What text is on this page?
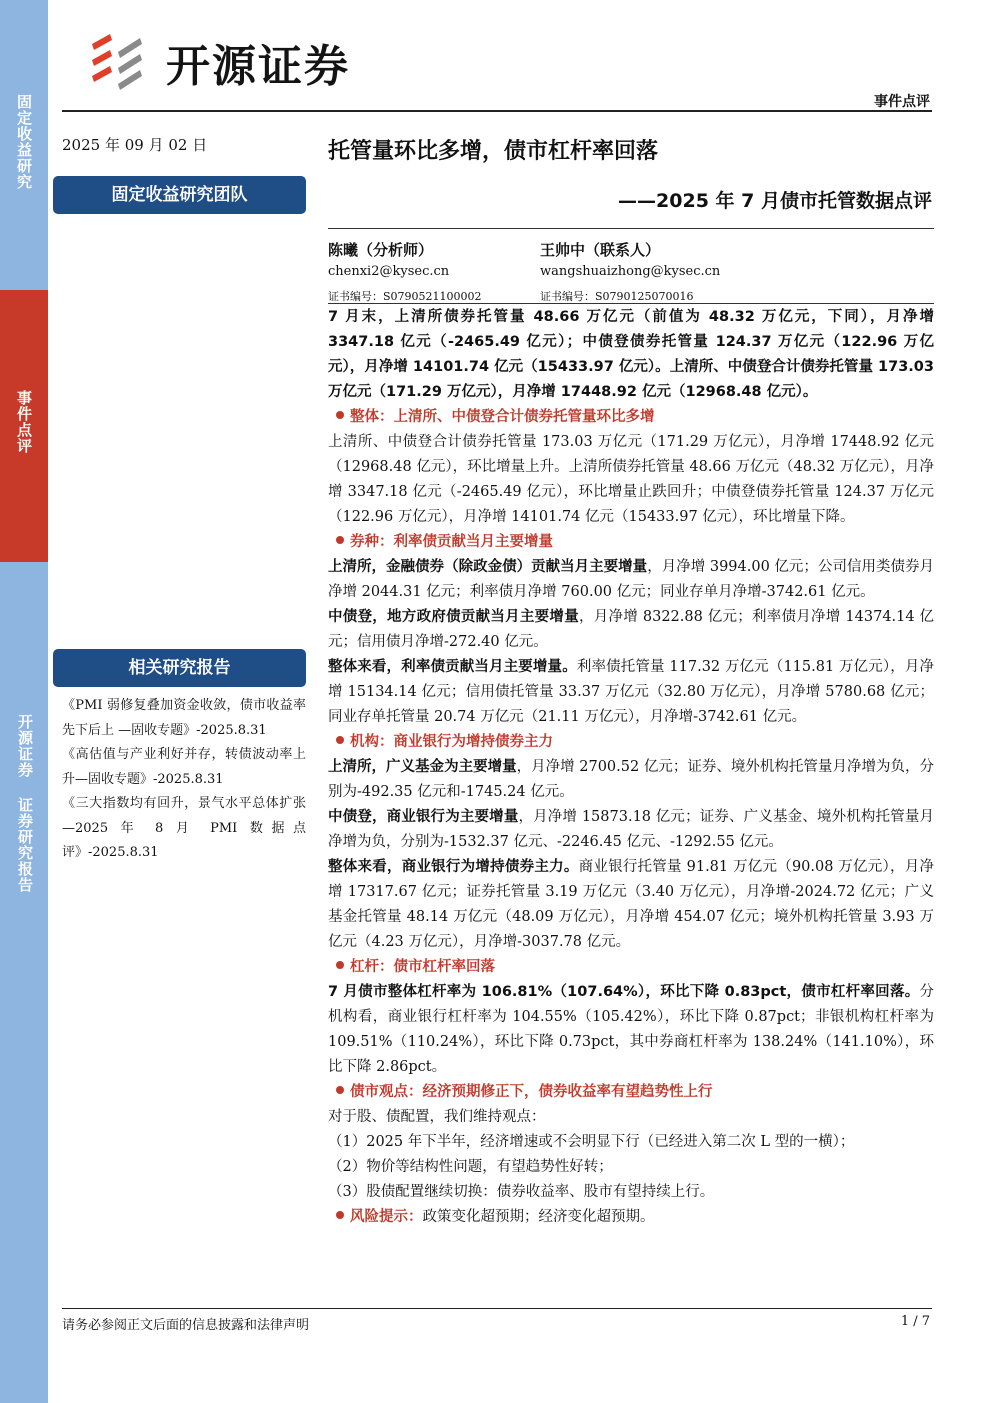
固定收益研究
事件点评
开源证券 证券研究报告
开源证券
事件点评
2025 年 09 月 02 日
固定收益研究团队
相关研究报告

《PMI 弱修复叠加资金收敛，债市收益率先下后上 —固收专题》-2025.8.31

《高估值与产业利好并存，转债波动率上升—固收专题》-2025.8.31

《三大指数均有回升，景气水平总体扩张—2025 年 8 月 PMI 数据点评》-2025.8.31

托管量环比多增，债市杠杆率回落
——2025 年 7 月债市托管数据点评
陈曦（分析师）
chenxi2@kysec.cn
证书编号：S0790521100002
王帅中（联系人）
wangshuaizhong@kysec.cn
证书编号：S0790125070016

7 月末，上清所债券托管量 48.66 万亿元（前值为 48.32 万亿元，下同），月净增 3347.18 亿元（-2465.49 亿元）；中债登债券托管量 124.37 万亿元（122.96 万亿元），月净增 14101.74 亿元（15433.97 亿元）。上清所、中债登合计债券托管量 173.03 万亿元（171.29 万亿元），月净增 17448.92 亿元（12968.48 亿元）。

整体：上清所、中债登合计债券托管量环比多增

上清所、中债登合计债券托管量 173.03 万亿元（171.29 万亿元），月净增 17448.92 亿元（12968.48 亿元），环比增量上升。上清所债券托管量 48.66 万亿元（48.32 万亿元），月净增 3347.18 亿元（-2465.49 亿元），环比增量止跌回升；中债登债券托管量 124.37 万亿元（122.96 万亿元），月净增 14101.74 亿元（15433.97 亿元），环比增量下降。

券种：利率债贡献当月主要增量

上清所，金融债券（除政金债）贡献当月主要增量，月净增 3994.00 亿元；公司信用类债券月净增 2044.31 亿元；利率债月净增 760.00 亿元；同业存单月净增-3742.61 亿元。

中债登，地方政府债贡献当月主要增量，月净增 8322.88 亿元；利率债月净增 14374.14 亿元；信用债月净增-272.40 亿元。

整体来看，利率债贡献当月主要增量。利率债托管量 117.32 万亿元（115.81 万亿元），月净增 15134.14 亿元；信用债托管量 33.37 万亿元（32.80 万亿元），月净增 5780.68 亿元；同业存单托管量 20.74 万亿元（21.11 万亿元），月净增-3742.61 亿元。

机构：商业银行为增持债券主力

上清所，广义基金为主要增量，月净增 2700.52 亿元；证券、境外机构托管量月净增为负，分别为-492.35 亿元和-1745.24 亿元。

中债登，商业银行为主要增量，月净增 15873.18 亿元；证券、广义基金、境外机构托管量月净增为负，分别为-1532.37 亿元、-2246.45 亿元、-1292.55 亿元。

整体来看，商业银行为增持债券主力。商业银行托管量 91.81 万亿元（90.08 万亿元），月净增 17317.67 亿元；证券托管量 3.19 万亿元（3.40 万亿元），月净增-2024.72 亿元；广义基金托管量 48.14 万亿元（48.09 万亿元），月净增 454.07 亿元；境外机构托管量 3.93 万亿元（4.23 万亿元），月净增-3037.78 亿元。

杠杆：债市杠杆率回落

7 月债市整体杠杆率为 106.81%（107.64%），环比下降 0.83pct，债市杠杆率回落。分机构看，商业银行杠杆率为 104.55%（105.42%），环比下降 0.87pct；非银机构杠杆率为 109.51%（110.24%），环比下降 0.73pct，其中券商杠杆率为 138.24%（141.10%），环比下降 2.86pct。

债市观点：经济预期修正下，债券收益率有望趋势性上行

对于股、债配置，我们维持观点：

（1）2025 年下半年，经济增速或不会明显下行（已经进入第二次 L 型的一横）；

（2）物价等结构性问题，有望趋势性好转；

（3）股债配置继续切换：债券收益率、股市有望持续上行。

风险提示：政策变化超预期；经济变化超预期。

请务必参阅正文后面的信息披露和法律声明	1 / 7
